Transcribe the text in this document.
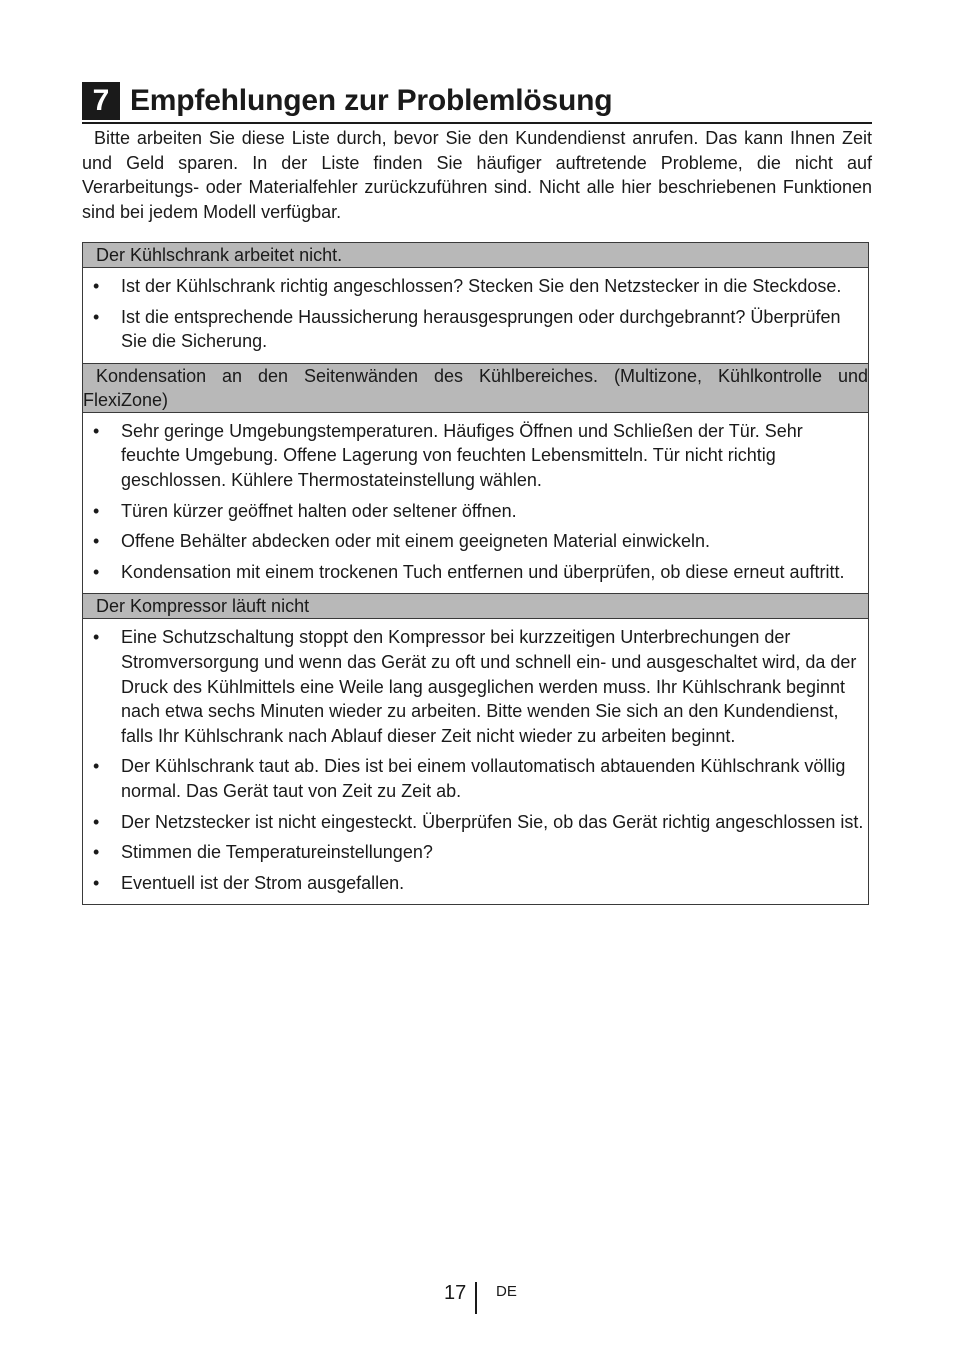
7 Empfehlungen zur Problemlösung

Bitte arbeiten Sie diese Liste durch, bevor Sie den Kundendienst anrufen. Das kann Ihnen Zeit und Geld sparen. In der Liste finden Sie häufiger auftretende Probleme, die nicht auf Verarbeitungs- oder Materialfehler zurückzuführen sind. Nicht alle hier beschriebenen Funktionen sind bei jedem Modell verfügbar.

Der Kühlschrank arbeitet nicht.

• Ist der Kühlschrank richtig angeschlossen? Stecken Sie den Netzstecker in die Steckdose.
• Ist die entsprechende Haussicherung herausgesprungen oder durchgebrannt? Überprüfen Sie die Sicherung.

Kondensation an den Seitenwänden des Kühlbereiches. (Multizone, Kühlkontrolle und FlexiZone)

• Sehr geringe Umgebungstemperaturen. Häufiges Öffnen und Schließen der Tür. Sehr feuchte Umgebung. Offene Lagerung von feuchten Lebensmitteln. Tür nicht richtig geschlossen. Kühlere Thermostateinstellung wählen.
• Türen kürzer geöffnet halten oder seltener öffnen.
• Offene Behälter abdecken oder mit einem geeigneten Material einwickeln.
• Kondensation mit einem trockenen Tuch entfernen und überprüfen, ob diese erneut auftritt.

Der Kompressor läuft nicht

• Eine Schutzschaltung stoppt den Kompressor bei kurzzeitigen Unterbrechungen der Stromversorgung und wenn das Gerät zu oft und schnell ein- und ausgeschaltet wird, da der Druck des Kühlmittels eine Weile lang ausgeglichen werden muss. Ihr Kühlschrank beginnt nach etwa sechs Minuten wieder zu arbeiten. Bitte wenden Sie sich an den Kundendienst, falls Ihr Kühlschrank nach Ablauf dieser Zeit nicht wieder zu arbeiten beginnt.
• Der Kühlschrank taut ab. Dies ist bei einem vollautomatisch abtauenden Kühlschrank völlig normal. Das Gerät taut von Zeit zu Zeit ab.
• Der Netzstecker ist nicht eingesteckt. Überprüfen Sie, ob das Gerät richtig angeschlossen ist.
• Stimmen die Temperatureinstellungen?
• Eventuell ist der Strom ausgefallen.
17 DE
